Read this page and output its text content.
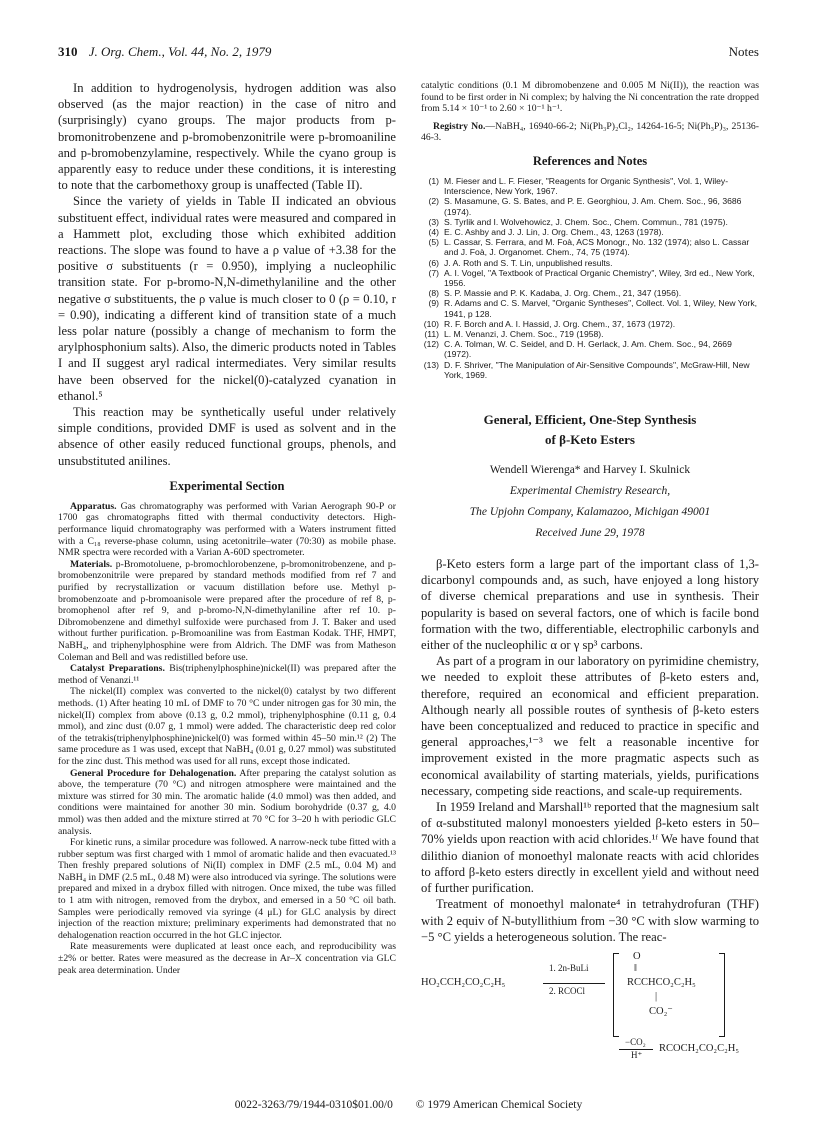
310 J. Org. Chem., Vol. 44, No. 2, 1979	Notes

In addition to hydrogenolysis, hydrogen addition was also observed (as the major reaction) in the case of nitro and (surprisingly) cyano groups. The major products from p-bromonitrobenzene and p-bromobenzonitrile were p-bromoaniline and p-bromobenzylamine, respectively. While the cyano group is apparently easy to reduce under these conditions, it is interesting to note that the carbomethoxy group is unaffected (Table II).

Since the variety of yields in Table II indicated an obvious substituent effect, individual rates were measured and compared in a Hammett plot, excluding those which exhibited addition reactions. The slope was found to have a ρ value of +3.38 for the positive σ substituents (r = 0.950), implying a nucleophilic transition state. For p-bromo-N,N-dimethylaniline and the other negative σ substituents, the ρ value is much closer to 0 (ρ = 0.10, r = 0.90), indicating a different kind of transition state of a much less polar nature (possibly a change of mechanism to form the arylphosphonium salts). Also, the dimeric products noted in Tables I and II suggest aryl radical intermediates. Very similar results have been observed for the nickel(0)-catalyzed cyanation in ethanol.⁵

This reaction may be synthetically useful under relatively simple conditions, provided DMF is used as solvent and in the absence of other easily reduced functional groups, phenols, and unsubstituted anilines.

Experimental Section

Apparatus. Gas chromatography was performed with Varian Aerograph 90-P or 1700 gas chromatographs fitted with thermal conductivity detectors. High-performance liquid chromatography was performed with a Waters instrument fitted with a C₁₈ reverse-phase column, using acetonitrile–water (70:30) as mobile phase. NMR spectra were recorded with a Varian A-60D spectrometer.

Materials. p-Bromotoluene, p-bromochlorobenzene, p-bromonitrobenzene, and p-bromobenzonitrile were prepared by standard methods modified from ref 7 and purified by recrystallization or vacuum distillation before use. Methyl p-bromobenzoate and p-bromoanisole were prepared after the procedure of ref 8, p-bromophenol after ref 9, and p-bromo-N,N-dimethylaniline after ref 10. p-Dibromobenzene and dimethyl sulfoxide were purchased from J. T. Baker and used without further purification. p-Bromoaniline was from Eastman Kodak. THF, HMPT, NaBH₄, and triphenylphosphine were from Aldrich. The DMF was from Matheson Coleman and Bell and was redistilled before use.

Catalyst Preparations. Bis(triphenylphosphine)nickel(II) was prepared after the method of Venanzi.¹¹

The nickel(II) complex was converted to the nickel(0) catalyst by two different methods. (1) After heating 10 mL of DMF to 70 °C under nitrogen gas for 30 min, the nickel(II) complex from above (0.13 g, 0.2 mmol), triphenylphosphine (0.11 g, 0.4 mmol), and zinc dust (0.07 g, 1 mmol) were added. The characteristic deep red color of the tetrakis(triphenylphosphine)nickel(0) was formed within 45–50 min.¹² (2) The same procedure as 1 was used, except that NaBH₄ (0.01 g, 0.27 mmol) was substituted for the zinc dust. This method was used for all runs, except those indicated.

General Procedure for Dehalogenation. After preparing the catalyst solution as above, the temperature (70 °C) and nitrogen atmosphere were maintained and the mixture was stirred for 30 min. The aromatic halide (4.0 mmol) was then added, and conditions were maintained for another 30 min. Sodium borohydride (0.37 g, 4.0 mmol) was then added and the mixture stirred at 70 °C for 3–20 h with periodic GLC analysis.

For kinetic runs, a similar procedure was followed. A narrow-neck tube fitted with a rubber septum was first charged with 1 mmol of aromatic halide and then evacuated.¹³ Then freshly prepared solutions of Ni(II) complex in DMF (2.5 mL, 0.04 M) and NaBH₄ in DMF (2.5 mL, 0.48 M) were also introduced via syringe. The solutions were prepared and mixed in a drybox filled with nitrogen. Once mixed, the tube was filled to 1 atm with nitrogen, removed from the drybox, and emersed in a 50 °C oil bath. Samples were periodically removed via syringe (4 μL) for GLC analysis by direct injection of the reaction mixture; preliminary experiments had demonstrated that no dehalogenation reaction occurred in the hot GLC injector.

Rate measurements were duplicated at least once each, and reproducibility was ±2% or better. Rates were measured as the decrease in Ar–X concentration via GLC peak area determination. Under

catalytic conditions (0.1 M dibromobenzene and 0.005 M Ni(II)), the reaction was found to be first order in Ni complex; by halving the Ni concentration the rate dropped from 5.14 × 10⁻¹ to 2.60 × 10⁻¹ h⁻¹.

Registry No.—NaBH₄, 16940-66-2; Ni(Ph₃P)₂Cl₂, 14264-16-5; Ni(Ph₃P)₃, 25136-46-3.

References and Notes
(1) M. Fieser and L. F. Fieser, "Reagents for Organic Synthesis", Vol. 1, Wiley-Interscience, New York, 1967.
(2) S. Masamune, G. S. Bates, and P. E. Georghiou, J. Am. Chem. Soc., 96, 3686 (1974).
(3) S. Tyrlik and I. Wolvehowicz, J. Chem. Soc., Chem. Commun., 781 (1975).
(4) E. C. Ashby and J. J. Lin, J. Org. Chem., 43, 1263 (1978).
(5) L. Cassar, S. Ferrara, and M. Foà, ACS Monogr., No. 132 (1974); also L. Cassar and J. Foà, J. Organomet. Chem., 74, 75 (1974).
(6) J. A. Roth and S. T. Lin, unpublished results.
(7) A. I. Vogel, "A Textbook of Practical Organic Chemistry", Wiley, 3rd ed., New York, 1956.
(8) S. P. Massie and P. K. Kadaba, J. Org. Chem., 21, 347 (1956).
(9) R. Adams and C. S. Marvel, "Organic Syntheses", Collect. Vol. 1, Wiley, New York, 1941, p 128.
(10) R. F. Borch and A. I. Hassid, J. Org. Chem., 37, 1673 (1972).
(11) L. M. Venanzi, J. Chem. Soc., 719 (1958).
(12) C. A. Tolman, W. C. Seidel, and D. H. Gerlack, J. Am. Chem. Soc., 94, 2669 (1972).
(13) D. F. Shriver, "The Manipulation of Air-Sensitive Compounds", McGraw-Hill, New York, 1969.
General, Efficient, One-Step Synthesis
of β-Keto Esters
Wendell Wierenga* and Harvey I. Skulnick
Experimental Chemistry Research,
The Upjohn Company, Kalamazoo, Michigan 49001
Received June 29, 1978

β-Keto esters form a large part of the important class of 1,3-dicarbonyl compounds and, as such, have enjoyed a long history of diverse chemical preparations and use in synthesis. Their popularity is based on several factors, one of which is facile bond formation with the two, differentiable, electrophilic carbonyls and either of the nucleophilic α or γ sp³ carbons.

As part of a program in our laboratory on pyrimidine chemistry, we needed to exploit these attributes of β-keto esters and, therefore, required an economical and efficient preparation. Although nearly all possible routes of synthesis of β-keto esters have been conceptualized and reduced to practice in specific and general approaches,¹⁻³ we felt a reasonable incentive for improvement existed in the more pragmatic aspects such as economical availability of starting materials, yields, purifications necessary, competing side reactions, and scale-up requirements.

In 1959 Ireland and Marshall¹ᵇ reported that the magnesium salt of α-substituted malonyl monoesters yielded β-keto esters in 50–70% yields upon reaction with acid chlorides.¹ᶠ We have found that dilithio dianion of monoethyl malonate reacts with acid chlorides to afford β-keto esters directly in excellent yield and without need of further purification.

Treatment of monoethyl malonate⁴ in tetrahydrofuran (THF) with 2 equiv of N-butyllithium from −30 °C with slow warming to −5 °C yields a heterogeneous solution. The reac-

HO₂CCH₂CO₂C₂H₅
1. 2n-BuLi
2. RCOCl
O
‖
RCCHCO₂C₂H₅
|
CO₂⁻
−CO₂
H⁺
RCOCH₂CO₂C₂H₅
0022-3263/79/1944-0310$01.00/0 © 1979 American Chemical Society
